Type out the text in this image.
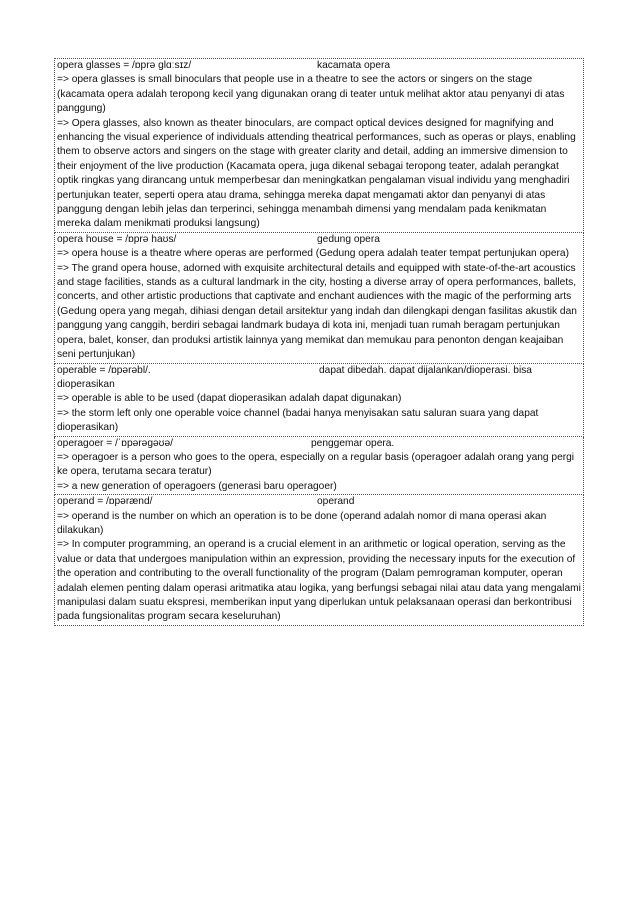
opera glasses = /ɒprə ɡlɑːsɪz/	kacamata opera
=> opera glasses is small binoculars that people use in a theatre to see the actors or singers on the stage (kacamata opera adalah teropong kecil yang digunakan orang di teater untuk melihat aktor atau penyanyi di atas panggung)
=> Opera glasses, also known as theater binoculars, are compact optical devices designed for magnifying and enhancing the visual experience of individuals attending theatrical performances, such as operas or plays, enabling them to observe actors and singers on the stage with greater clarity and detail, adding an immersive dimension to their enjoyment of the live production (Kacamata opera, juga dikenal sebagai teropong teater, adalah perangkat optik ringkas yang dirancang untuk memperbesar dan meningkatkan pengalaman visual individu yang menghadiri pertunjukan teater, seperti opera atau drama, sehingga mereka dapat mengamati aktor dan penyanyi di atas panggung dengan lebih jelas dan terperinci, sehingga menambah dimensi yang mendalam pada kenikmatan mereka dalam menikmati produksi langsung)
opera house = /ɒprə haʊs/	gedung opera
=> opera house is a theatre where operas are performed (Gedung opera adalah teater tempat pertunjukan opera)
=> The grand opera house, adorned with exquisite architectural details and equipped with state-of-the-art acoustics and stage facilities, stands as a cultural landmark in the city, hosting a diverse array of opera performances, ballets, concerts, and other artistic productions that captivate and enchant audiences with the magic of the performing arts (Gedung opera yang megah, dihiasi dengan detail arsitektur yang indah dan dilengkapi dengan fasilitas akustik dan panggung yang canggih, berdiri sebagai landmark budaya di kota ini, menjadi tuan rumah beragam pertunjukan opera, balet, konser, dan produksi artistik lainnya yang memikat dan memukau para penonton dengan keajaiban seni pertunjukan)
operable = /ɒpərəbl/.	dapat dibedah. dapat dijalankan/dioperasi. bisa dioperasikan
=> operable is able to be used (dapat dioperasikan adalah dapat digunakan)
=> the storm left only one operable voice channel (badai hanya menyisakan satu saluran suara yang dapat dioperasikan)
operagoer = /ˈɒpərəɡəʊə/	penggemar opera.
=> operagoer is a person who goes to the opera, especially on a regular basis (operagoer adalah orang yang pergi ke opera, terutama secara teratur)
=> a new generation of operagoers (generasi baru operagoer)
operand = /ɒpərænd/	operand
=> operand is the number on which an operation is to be done (operand adalah nomor di mana operasi akan dilakukan)
=> In computer programming, an operand is a crucial element in an arithmetic or logical operation, serving as the value or data that undergoes manipulation within an expression, providing the necessary inputs for the execution of the operation and contributing to the overall functionality of the program (Dalam pemrograman komputer, operan adalah elemen penting dalam operasi aritmatika atau logika, yang berfungsi sebagai nilai atau data yang mengalami manipulasi dalam suatu ekspresi, memberikan input yang diperlukan untuk pelaksanaan operasi dan berkontribusi pada fungsionalitas program secara keseluruhan)
